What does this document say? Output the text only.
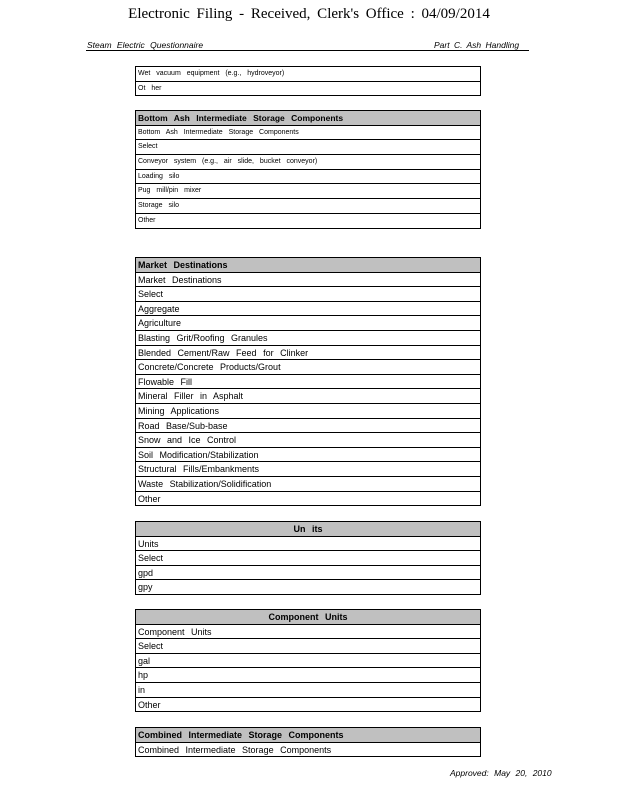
Electronic Filing - Received, Clerk's Office : 04/09/2014
Steam Electric Questionnaire	Part C. Ash Handling
Wet vacuum equipment (e.g., hydroveyor)
Ot her
Bottom Ash Intermediate Storage Components
Bottom Ash Intermediate Storage Components
Select
Conveyor system (e.g., air slide, bucket conveyor)
Loading silo
Pug mill/pin mixer
Storage silo
Other
Market Destinations
Market Destinations
Select
Aggregate
Agriculture
Blasting Grit/Roofing Granules
Blended Cement/Raw Feed for Clinker
Concrete/Concrete Products/Grout
Flowable Fill
Mineral Filler in Asphalt
Mining Applications
Road Base/Sub-base
Snow and Ice Control
Soil Modification/Stabilization
Structural Fills/Embankments
Waste Stabilization/Solidification
Other
Un its
Units
Select
gpd
gpy
Component Units
Component Units
Select
gal
hp
in
Other
Combined Intermediate Storage Components
Combined Intermediate Storage Components
Approved: May 20, 2010
